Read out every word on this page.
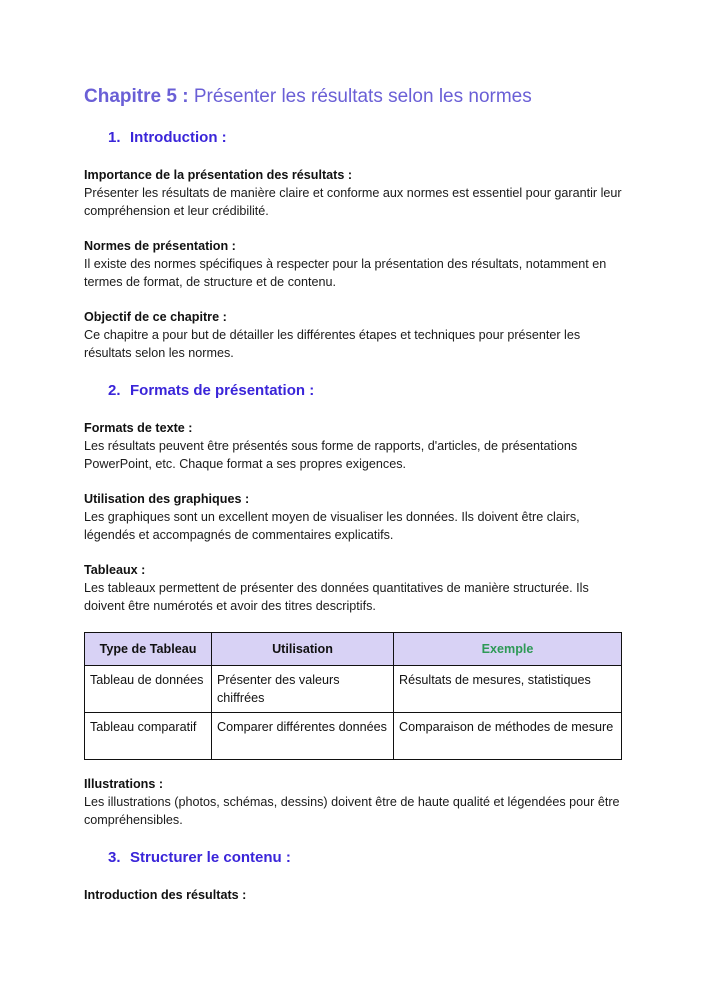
Chapitre 5 : Présenter les résultats selon les normes
1. Introduction :
Importance de la présentation des résultats :
Présenter les résultats de manière claire et conforme aux normes est essentiel pour garantir leur compréhension et leur crédibilité.
Normes de présentation :
Il existe des normes spécifiques à respecter pour la présentation des résultats, notamment en termes de format, de structure et de contenu.
Objectif de ce chapitre :
Ce chapitre a pour but de détailler les différentes étapes et techniques pour présenter les résultats selon les normes.
2. Formats de présentation :
Formats de texte :
Les résultats peuvent être présentés sous forme de rapports, d'articles, de présentations PowerPoint, etc. Chaque format a ses propres exigences.
Utilisation des graphiques :
Les graphiques sont un excellent moyen de visualiser les données. Ils doivent être clairs, légendés et accompagnés de commentaires explicatifs.
Tableaux :
Les tableaux permettent de présenter des données quantitatives de manière structurée. Ils doivent être numérotés et avoir des titres descriptifs.
Type de Tableau	Utilisation	Exemple
Tableau de données	Présenter des valeurs chiffrées	Résultats de mesures, statistiques
Tableau comparatif	Comparer différentes données	Comparaison de méthodes de mesure
Illustrations :
Les illustrations (photos, schémas, dessins) doivent être de haute qualité et légendées pour être compréhensibles.
3. Structurer le contenu :
Introduction des résultats :
